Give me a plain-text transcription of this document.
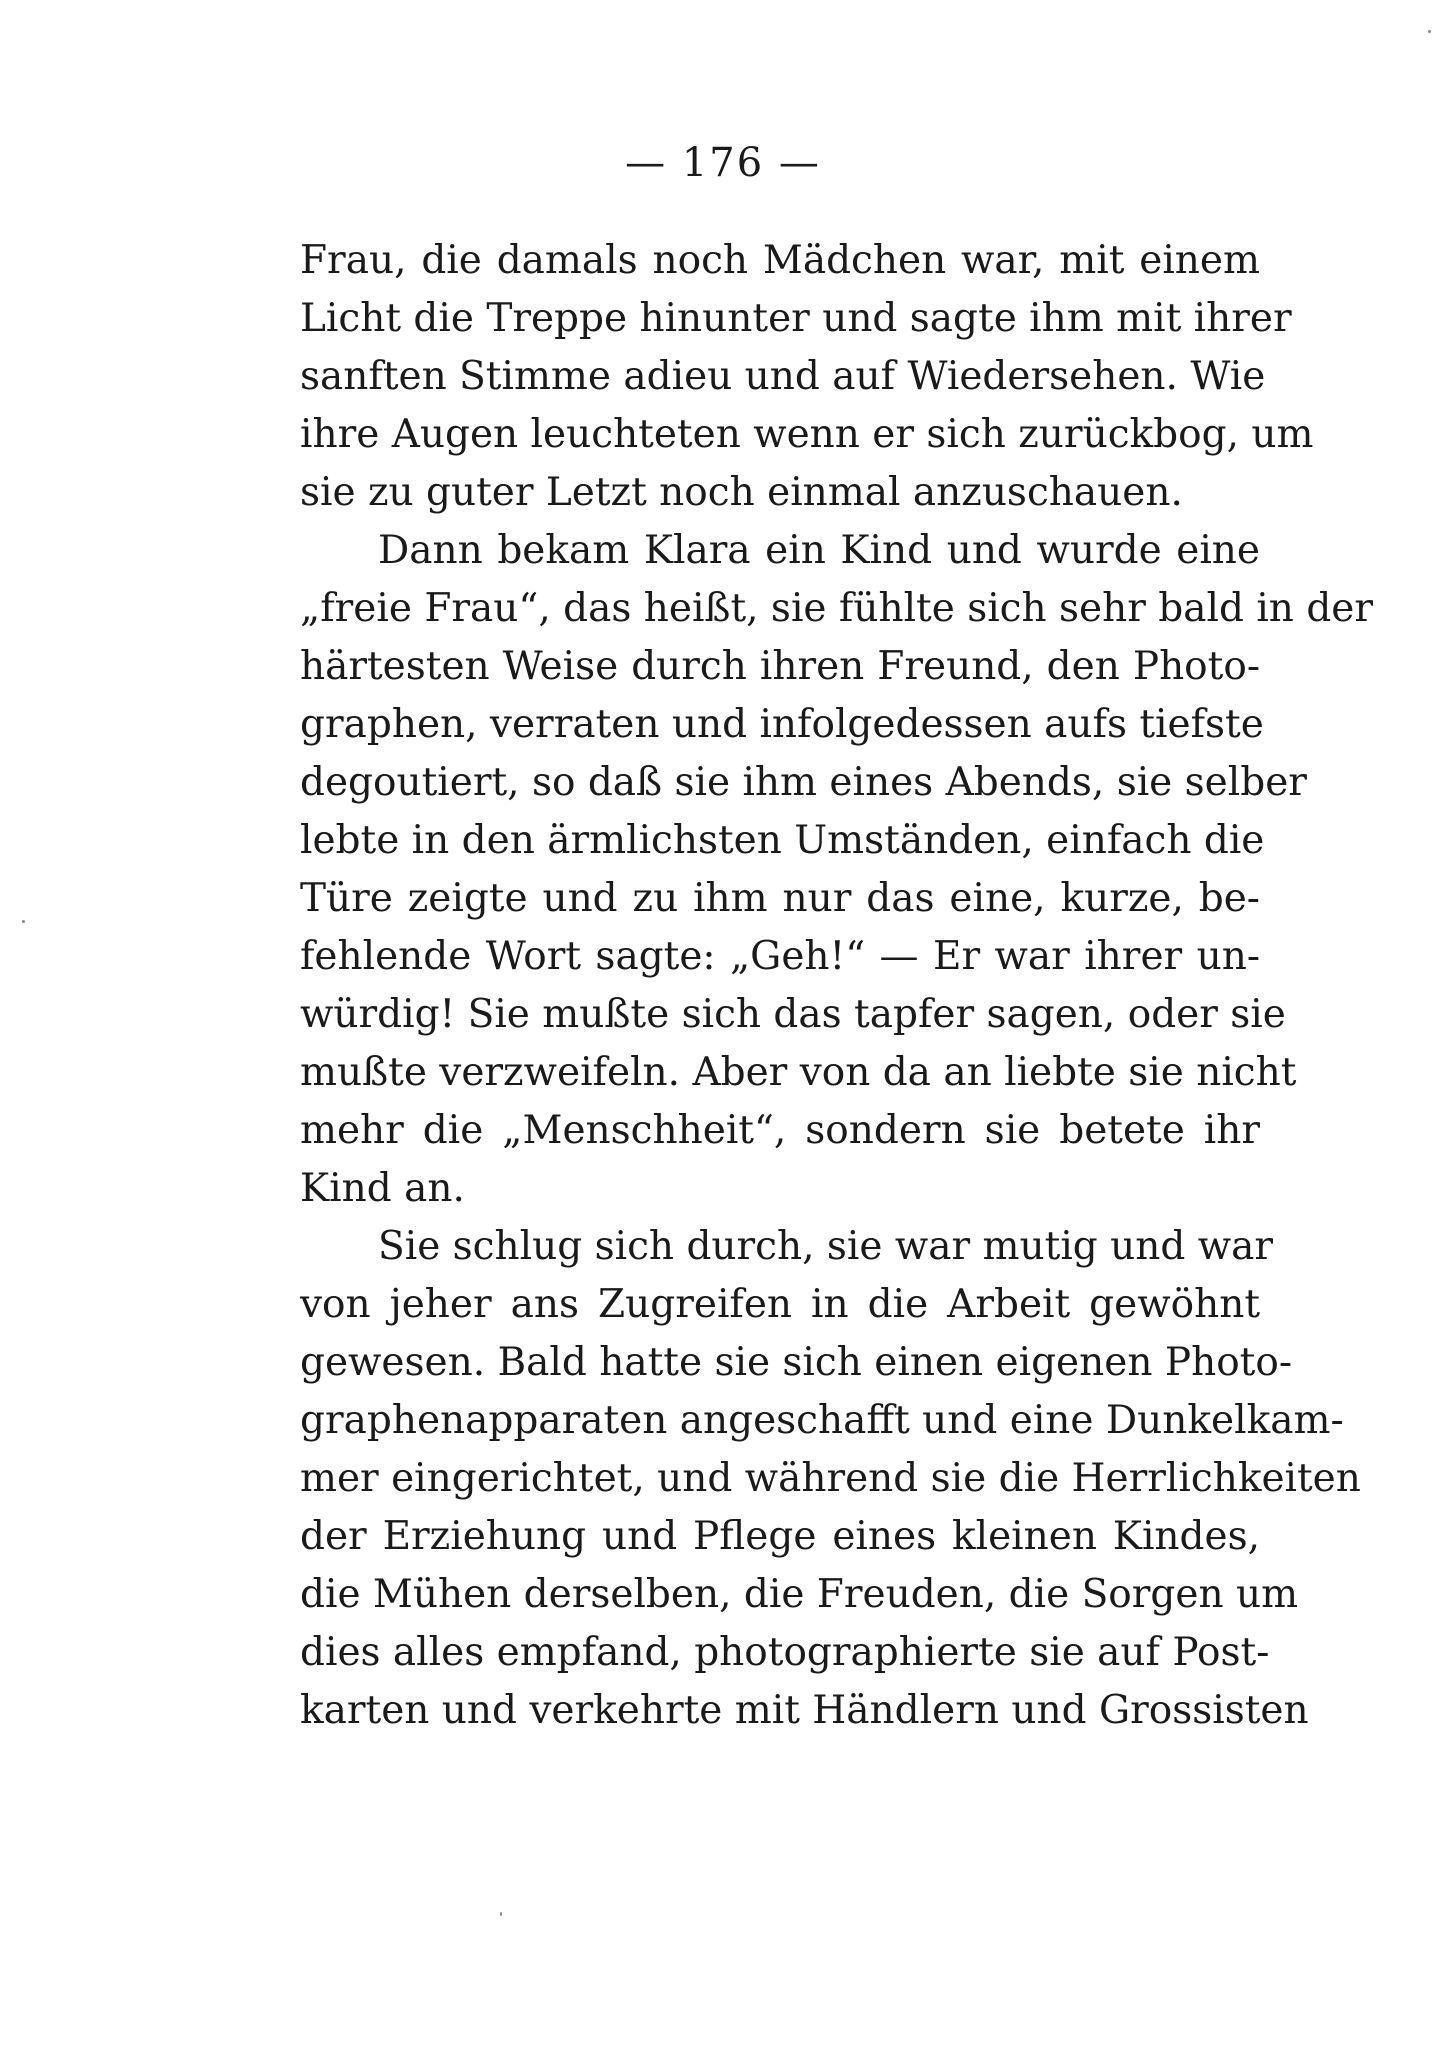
— 176 —
Frau, die damals noch Mädchen war, mit einem
Licht die Treppe hinunter und sagte ihm mit ihrer
sanften Stimme adieu und auf Wiedersehen. Wie
ihre Augen leuchteten wenn er sich zurückbog, um
sie zu guter Letzt noch einmal anzuschauen.
Dann bekam Klara ein Kind und wurde eine
„freie Frau“, das heißt, sie fühlte sich sehr bald in der
härtesten Weise durch ihren Freund, den Photo-
graphen, verraten und infolgedessen aufs tiefste
degoutiert, so daß sie ihm eines Abends, sie selber
lebte in den ärmlichsten Umständen, einfach die
Türe zeigte und zu ihm nur das eine, kurze, be-
fehlende Wort sagte: „Geh!“ — Er war ihrer un-
würdig! Sie mußte sich das tapfer sagen, oder sie
mußte verzweifeln. Aber von da an liebte sie nicht
mehr die „Menschheit“, sondern sie betete ihr
Kind an.
Sie schlug sich durch, sie war mutig und war
von jeher ans Zugreifen in die Arbeit gewöhnt
gewesen. Bald hatte sie sich einen eigenen Photo-
graphenapparaten angeschafft und eine Dunkelkam-
mer eingerichtet, und während sie die Herrlichkeiten
der Erziehung und Pflege eines kleinen Kindes,
die Mühen derselben, die Freuden, die Sorgen um
dies alles empfand, photographierte sie auf Post-
karten und verkehrte mit Händlern und Grossisten
